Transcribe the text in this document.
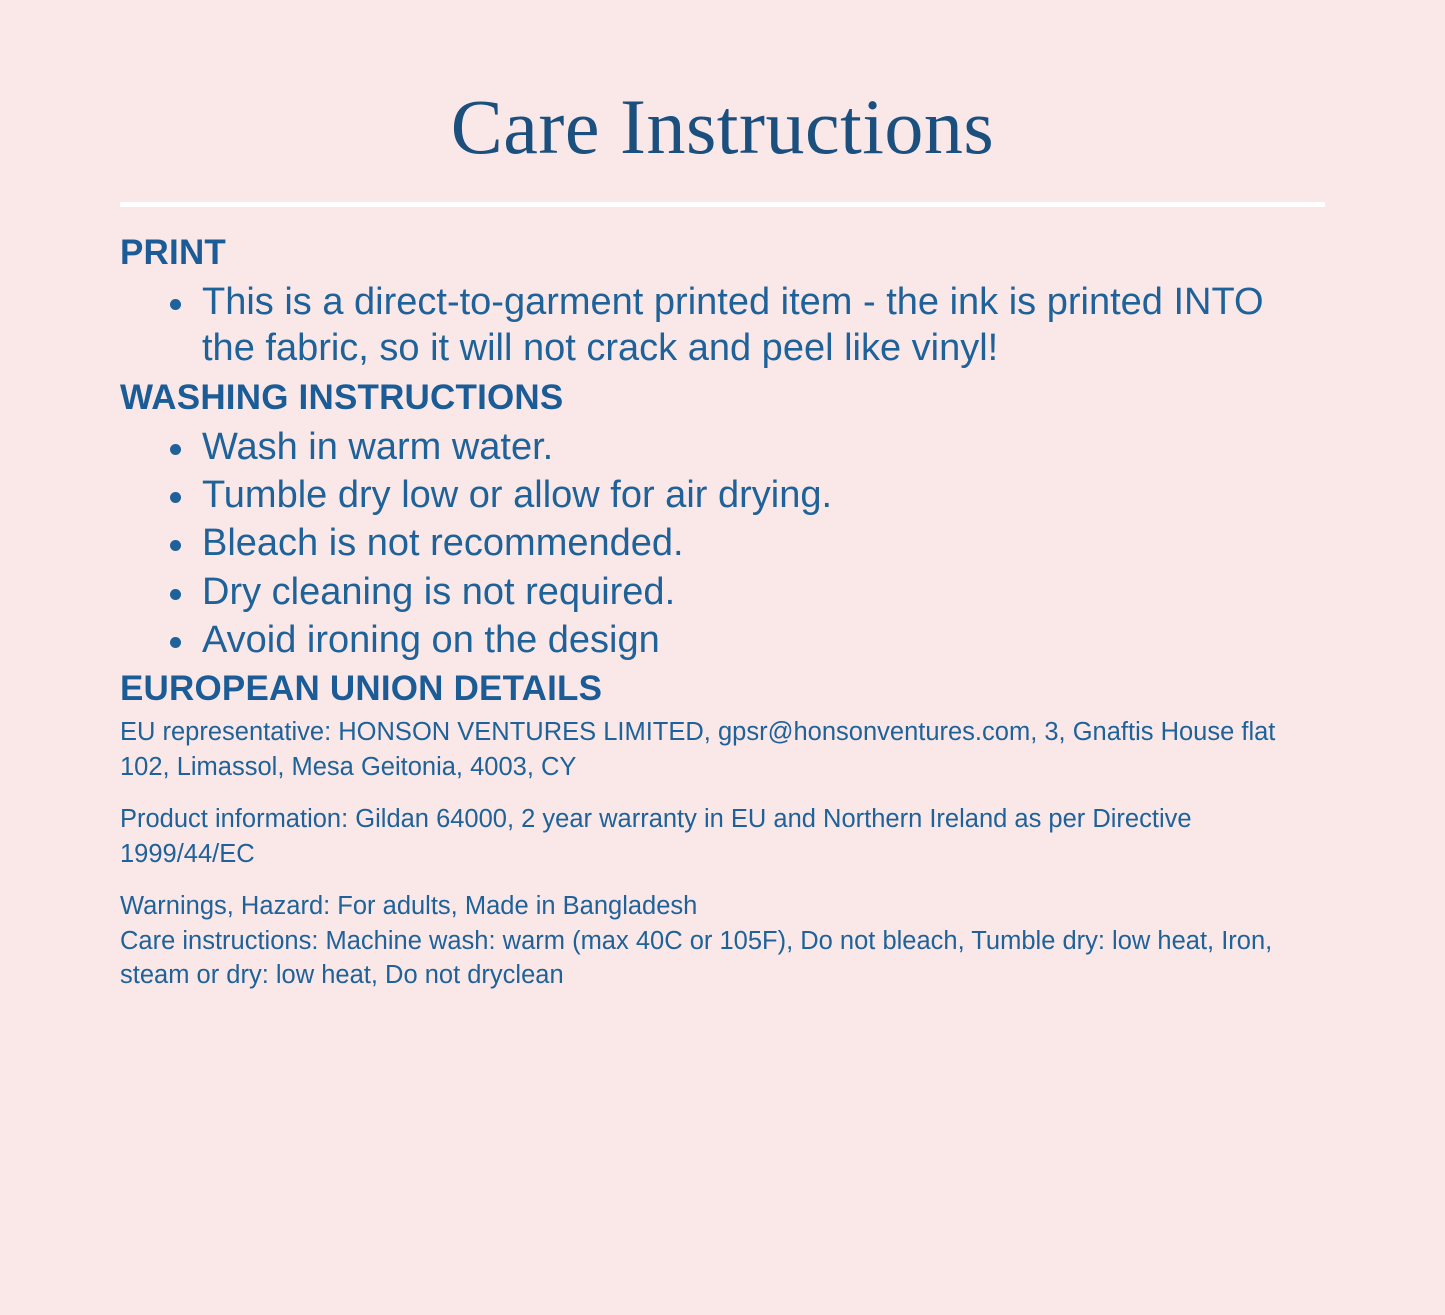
Care Instructions
PRINT
This is a direct-to-garment printed item - the ink is printed INTO the fabric, so it will not crack and peel like vinyl!
WASHING INSTRUCTIONS
Wash in warm water.
Tumble dry low or allow for air drying.
Bleach is not recommended.
Dry cleaning is not required.
Avoid ironing on the design
EUROPEAN UNION DETAILS

EU representative: HONSON VENTURES LIMITED, gpsr@honsonventures.com, 3, Gnaftis House flat 102, Limassol, Mesa Geitonia, 4003, CY

Product information: Gildan 64000, 2 year warranty in EU and Northern Ireland as per Directive 1999/44/EC

Warnings, Hazard: For adults, Made in Bangladesh

Care instructions: Machine wash: warm (max 40C or 105F), Do not bleach, Tumble dry: low heat, Iron, steam or dry: low heat, Do not dryclean
